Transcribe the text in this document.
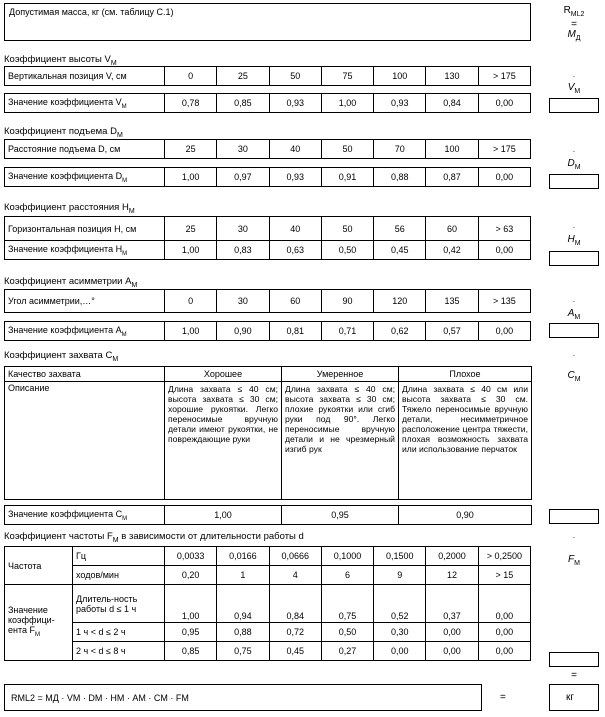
Допустимая масса, кг (см. таблицу С.1)	$R_{ML2}$
=
$M_Д$
Коэффициент высоты $V_М$
Вертикальная позиция V, см	0	25	50	75	100	130	> 175

Значение коэффициента $V_М$	0,78	0,85	0,93	1,00	0,93	0,84	0,00
·
$V_М$
Коэффициент подъема $D_М$
Расстояние подъема D, см	25	30	40	50	70	100	> 175

Значение коэффициента $D_М$	1,00	0,97	0,93	0,91	0,88	0,87	0,00
·
$D_М$
Коэффициент расстояния $H_М$
Горизонтальная позиция H, см	25	30	40	50	56	60	> 63
Значение коэффициента $H_М$	1,00	0,83	0,63	0,50	0,45	0,42	0,00
·
$H_М$
Коэффициент асимметрии $A_М$
Угол асимметрии,…°	0	30	60	90	120	135	> 135

Значение коэффициента $A_М$	1,00	0,90	0,81	0,71	0,62	0,57	0,00
·
$A_М$
Коэффициент захвата $C_М$
Качество захвата	Хорошее	Умеренное	Плохое
Описание	Длина захвата ≤ 40 см; высота захвата ≤ 30 см; хорошие рукоятки. Легко переносимые вручную детали имеют рукоятки, не повреждающие руки	Длина захвата ≤ 40 см; высота захвата ≤ 30 см; плохие рукоятки или сгиб руки под 90°. Легко переносимые вручную детали и не чрезмерный изгиб рук	Длина захвата ≤ 40 см или высота захвата ≤ 30 см. Тяжело переносимые вручную детали, несимметричное расположение центра тяжести, плохая возможность захвата или использование перчаток

Значение коэффициента $C_М$	1,00	0,95	0,90
·
$C_М$
Коэффициент частоты $F_М$ в зависимости от длительности работы d
Частота	Гц	0,0033	0,0166	0,0666	0,1000	0,1500	0,2000	> 0,2500
	ходов/мин	0,20	1	4	6	9	12	> 15
Значение коэффици-ента $F_М$	Длитель-ность работы d ≤ 1 ч	1,00	0,94	0,84	0,75	0,52	0,37	0,00
	1 ч < d ≤ 2 ч	0,95	0,88	0,72	0,50	0,30	0,00	0,00
	2 ч < d ≤ 8 ч	0,85	0,75	0,45	0,27	0,00	0,00	0,00
·
$F_М$
=
RML2 = MД · VМ · DМ · HМ · AМ · CМ · FМ	=	кг
